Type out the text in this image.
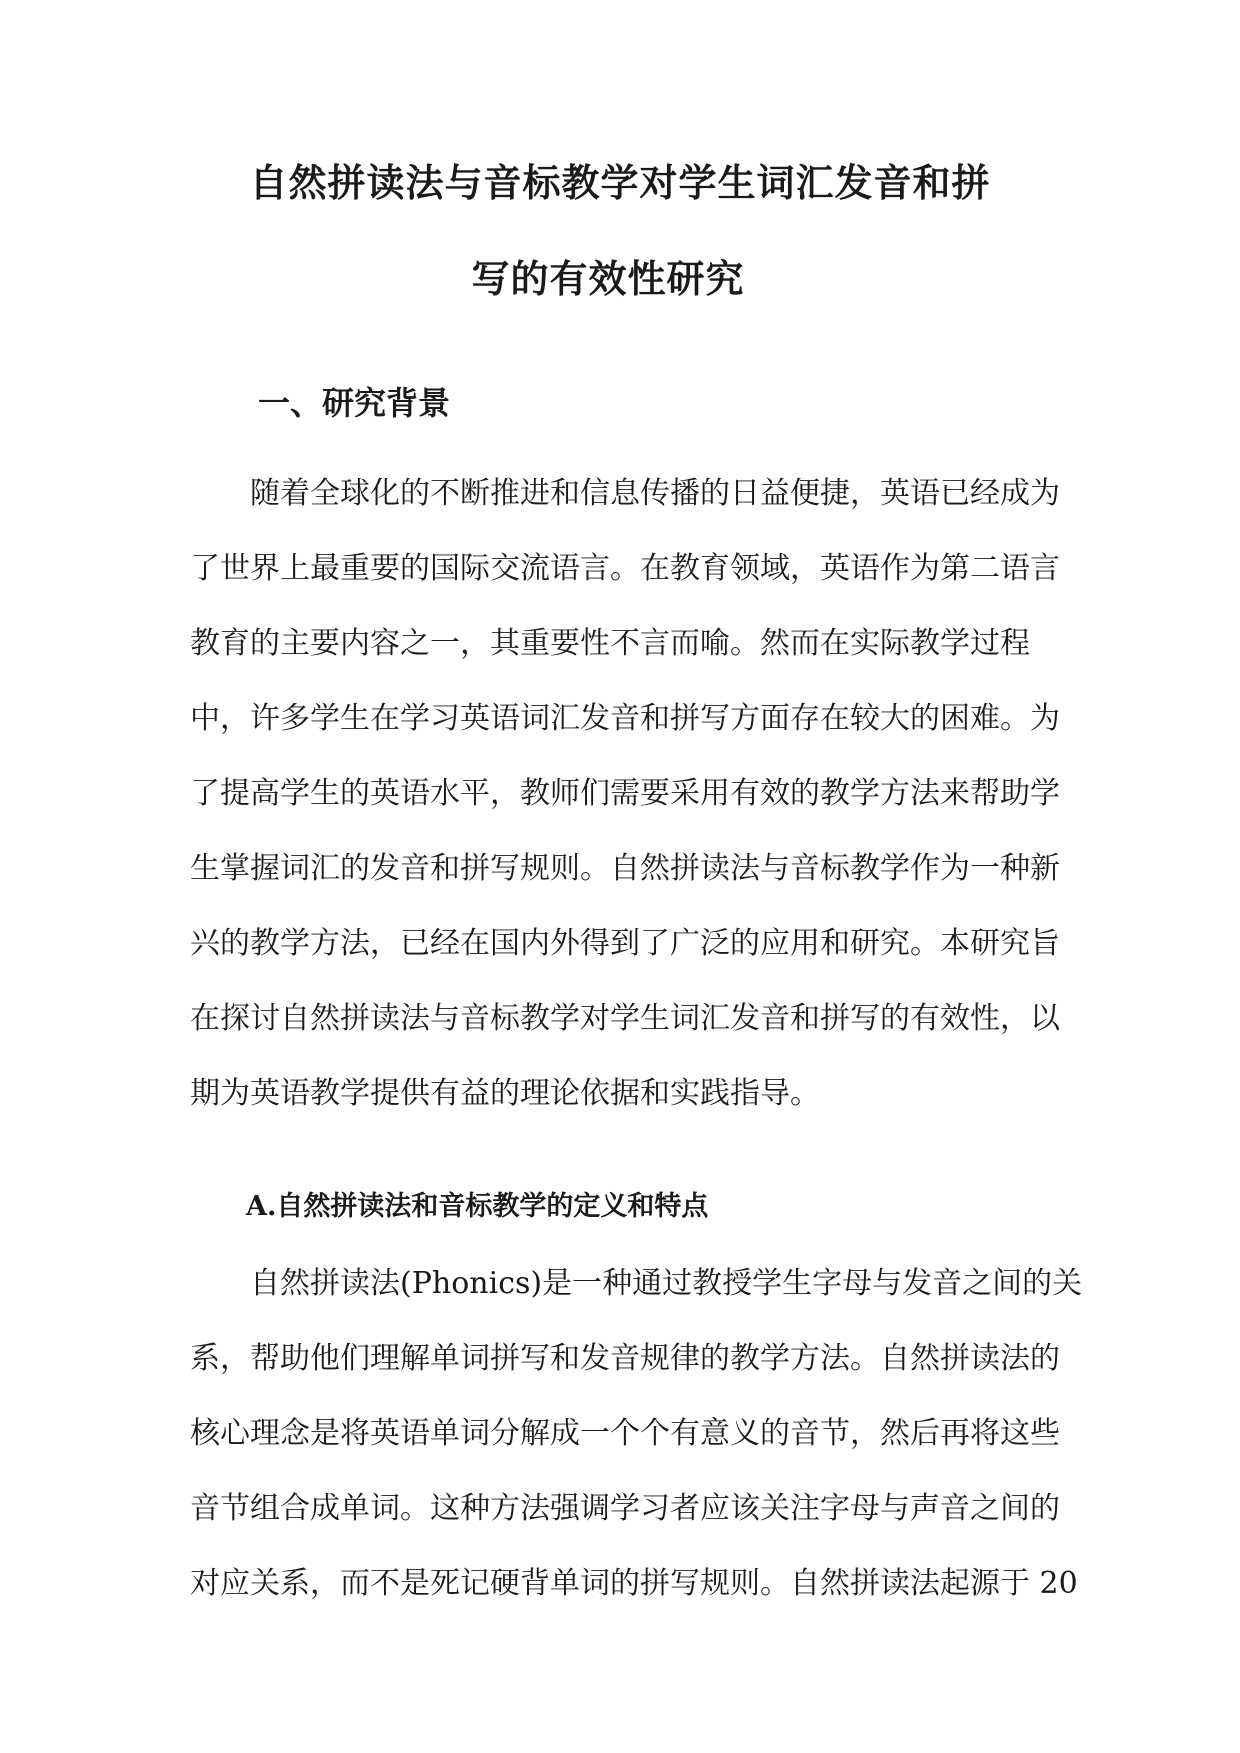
自然拼读法与音标教学对学生词汇发音和拼
写的有效性研究
一、研究背景
随着全球化的不断推进和信息传播的日益便捷，英语已经成为
了世界上最重要的国际交流语言。在教育领域，英语作为第二语言
教育的主要内容之一，其重要性不言而喻。然而在实际教学过程
中，许多学生在学习英语词汇发音和拼写方面存在较大的困难。为
了提高学生的英语水平，教师们需要采用有效的教学方法来帮助学
生掌握词汇的发音和拼写规则。自然拼读法与音标教学作为一种新
兴的教学方法，已经在国内外得到了广泛的应用和研究。本研究旨
在探讨自然拼读法与音标教学对学生词汇发音和拼写的有效性，以
期为英语教学提供有益的理论依据和实践指导。
A.自然拼读法和音标教学的定义和特点
自然拼读法(Phonics)是一种通过教授学生字母与发音之间的关
系，帮助他们理解单词拼写和发音规律的教学方法。自然拼读法的
核心理念是将英语单词分解成一个个有意义的音节，然后再将这些
音节组合成单词。这种方法强调学习者应该关注字母与声音之间的
对应关系，而不是死记硬背单词的拼写规则。自然拼读法起源于 20
